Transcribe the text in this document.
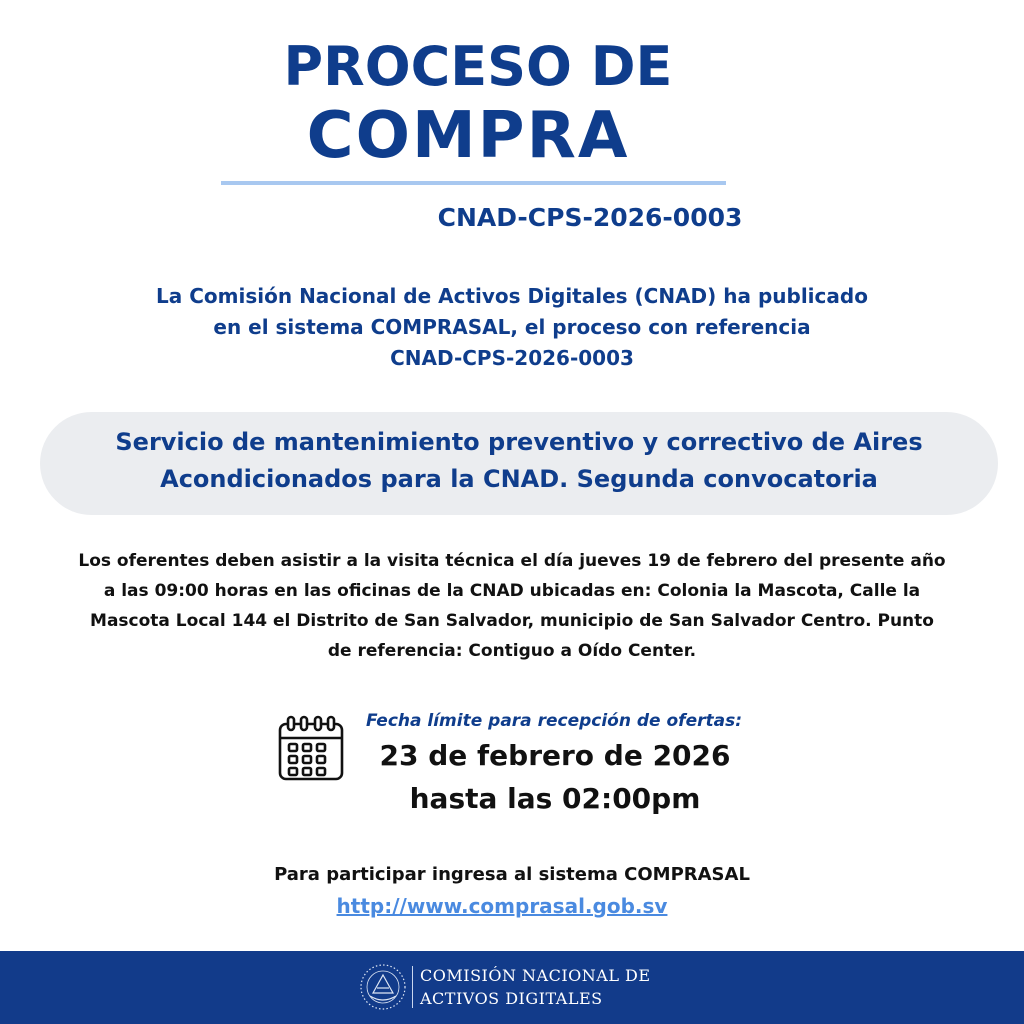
PROCESO DE
COMPRA
CNAD-CPS-2026-0003
La Comisión Nacional de Activos Digitales (CNAD) ha publicado
en el sistema COMPRASAL, el proceso con referencia
CNAD-CPS-2026-0003
Servicio de mantenimiento preventivo y correctivo de Aires
Acondicionados para la CNAD. Segunda convocatoria
Los oferentes deben asistir a la visita técnica el día jueves 19 de febrero del presente año
a las 09:00 horas en las oficinas de la CNAD ubicadas en: Colonia la Mascota, Calle la
Mascota Local 144 el Distrito de San Salvador, municipio de San Salvador Centro. Punto
de referencia: Contiguo a Oído Center.
Fecha límite para recepción de ofertas:
23 de febrero de 2026
hasta las 02:00pm
Para participar ingresa al sistema COMPRASAL
http://www.comprasal.gob.sv
COMISIÓN NACIONAL DE
ACTIVOS DIGITALES
